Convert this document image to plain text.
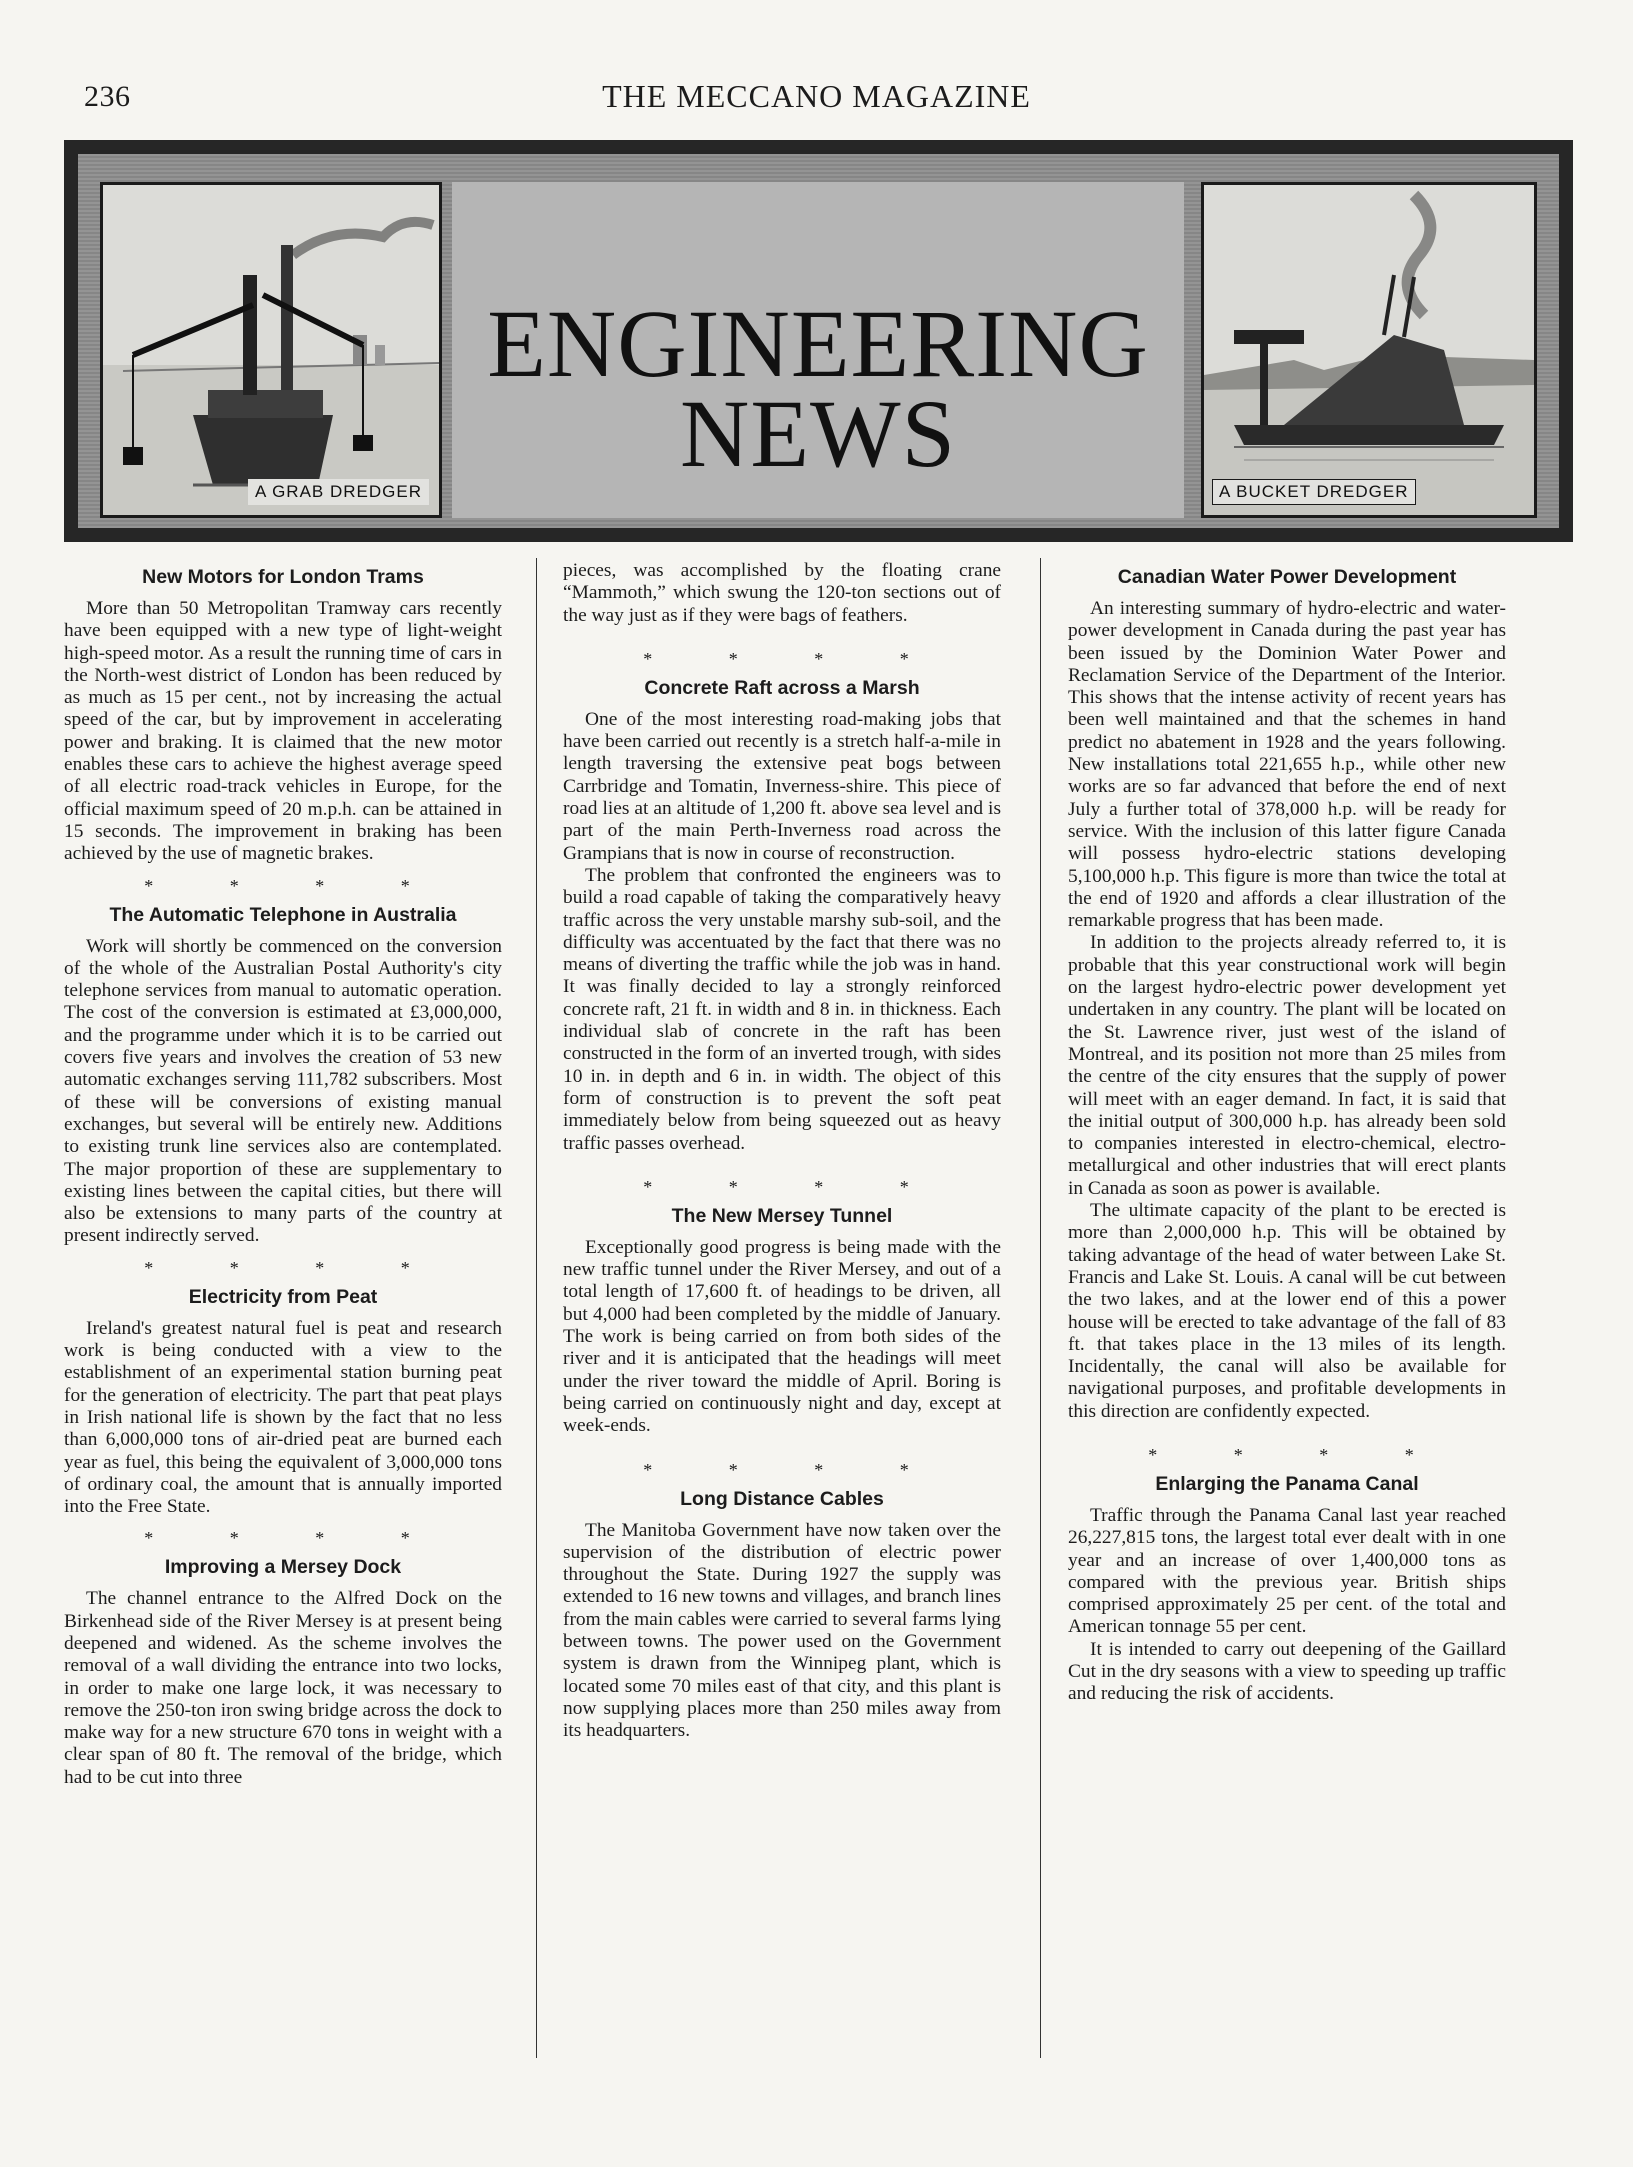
236	THE MECCANO MAGAZINE
A GRAB DREDGER
ENGINEERING
NEWS
A BUCKET DREDGER
New Motors for London Trams

More than 50 Metropolitan Tramway cars recently have been equipped with a new type of light-weight high-speed motor. As a result the running time of cars in the North-west district of London has been reduced by as much as 15 per cent., not by increasing the actual speed of the car, but by improvement in accelerating power and braking. It is claimed that the new motor enables these cars to achieve the highest average speed of all electric road-track vehicles in Europe, for the official maximum speed of 20 m.p.h. can be attained in 15 seconds. The improvement in braking has been achieved by the use of magnetic brakes.

* * * *
The Automatic Telephone in Australia

Work will shortly be commenced on the conversion of the whole of the Australian Postal Authority's city telephone services from manual to automatic operation. The cost of the conversion is estimated at £3,000,000, and the programme under which it is to be carried out covers five years and involves the creation of 53 new automatic exchanges serving 111,782 subscribers. Most of these will be conversions of existing manual exchanges, but several will be entirely new. Additions to existing trunk line services also are contemplated. The major proportion of these are supplementary to existing lines between the capital cities, but there will also be extensions to many parts of the country at present indirectly served.

* * * *
Electricity from Peat

Ireland's greatest natural fuel is peat and research work is being conducted with a view to the establishment of an experimental station burning peat for the generation of electricity. The part that peat plays in Irish national life is shown by the fact that no less than 6,000,000 tons of air-dried peat are burned each year as fuel, this being the equivalent of 3,000,000 tons of ordinary coal, the amount that is annually imported into the Free State.

* * * *
Improving a Mersey Dock

The channel entrance to the Alfred Dock on the Birkenhead side of the River Mersey is at present being deepened and widened. As the scheme involves the removal of a wall dividing the entrance into two locks, in order to make one large lock, it was necessary to remove the 250-ton iron swing bridge across the dock to make way for a new structure 670 tons in weight with a clear span of 80 ft. The removal of the bridge, which had to be cut into three

pieces, was accomplished by the floating crane “Mammoth,” which swung the 120-ton sections out of the way just as if they were bags of feathers.

* * * *
Concrete Raft across a Marsh

One of the most interesting road-making jobs that have been carried out recently is a stretch half-a-mile in length traversing the extensive peat bogs between Carrbridge and Tomatin, Inverness-shire. This piece of road lies at an altitude of 1,200 ft. above sea level and is part of the main Perth-Inverness road across the Grampians that is now in course of reconstruction.

The problem that confronted the engineers was to build a road capable of taking the comparatively heavy traffic across the very unstable marshy sub-soil, and the difficulty was accentuated by the fact that there was no means of diverting the traffic while the job was in hand. It was finally decided to lay a strongly reinforced concrete raft, 21 ft. in width and 8 in. in thickness. Each individual slab of concrete in the raft has been constructed in the form of an inverted trough, with sides 10 in. in depth and 6 in. in width. The object of this form of construction is to prevent the soft peat immediately below from being squeezed out as heavy traffic passes overhead.

* * * *
The New Mersey Tunnel

Exceptionally good progress is being made with the new traffic tunnel under the River Mersey, and out of a total length of 17,600 ft. of headings to be driven, all but 4,000 had been completed by the middle of January. The work is being carried on from both sides of the river and it is anticipated that the headings will meet under the river toward the middle of April. Boring is being carried on continuously night and day, except at week-ends.

* * * *
Long Distance Cables

The Manitoba Government have now taken over the supervision of the distribution of electric power throughout the State. During 1927 the supply was extended to 16 new towns and villages, and branch lines from the main cables were carried to several farms lying between towns. The power used on the Government system is drawn from the Winnipeg plant, which is located some 70 miles east of that city, and this plant is now supplying places more than 250 miles away from its headquarters.

Canadian Water Power Development

An interesting summary of hydro-electric and water-power development in Canada during the past year has been issued by the Dominion Water Power and Reclamation Service of the Department of the Interior. This shows that the intense activity of recent years has been well maintained and that the schemes in hand predict no abatement in 1928 and the years following. New installations total 221,655 h.p., while other new works are so far advanced that before the end of next July a further total of 378,000 h.p. will be ready for service. With the inclusion of this latter figure Canada will possess hydro-electric stations developing 5,100,000 h.p. This figure is more than twice the total at the end of 1920 and affords a clear illustration of the remarkable progress that has been made.

In addition to the projects already referred to, it is probable that this year constructional work will begin on the largest hydro-electric power development yet undertaken in any country. The plant will be located on the St. Lawrence river, just west of the island of Montreal, and its position not more than 25 miles from the centre of the city ensures that the supply of power will meet with an eager demand. In fact, it is said that the initial output of 300,000 h.p. has already been sold to companies interested in electro-chemical, electro-metallurgical and other industries that will erect plants in Canada as soon as power is available.

The ultimate capacity of the plant to be erected is more than 2,000,000 h.p. This will be obtained by taking advantage of the head of water between Lake St. Francis and Lake St. Louis. A canal will be cut between the two lakes, and at the lower end of this a power house will be erected to take advantage of the fall of 83 ft. that takes place in the 13 miles of its length. Incidentally, the canal will also be available for navigational purposes, and profitable developments in this direction are confidently expected.

* * * *
Enlarging the Panama Canal

Traffic through the Panama Canal last year reached 26,227,815 tons, the largest total ever dealt with in one year and an increase of over 1,400,000 tons as compared with the previous year. British ships comprised approximately 25 per cent. of the total and American tonnage 55 per cent.

It is intended to carry out deepening of the Gaillard Cut in the dry seasons with a view to speeding up traffic and reducing the risk of accidents.
